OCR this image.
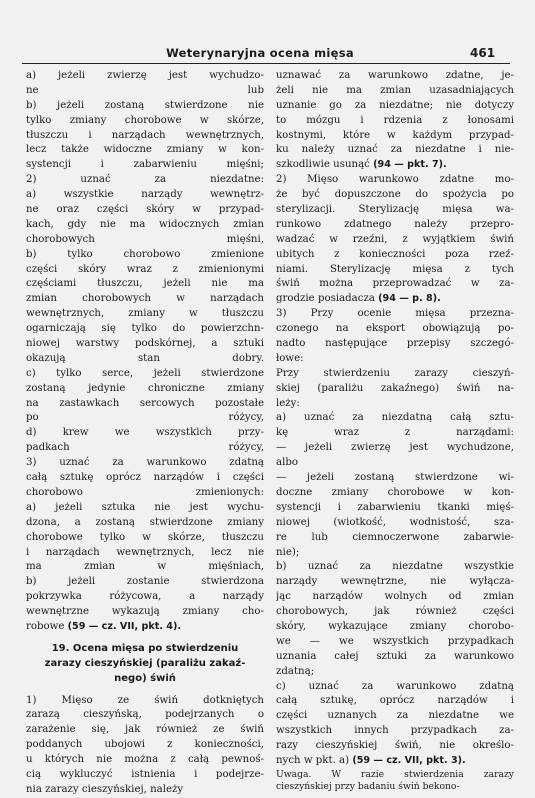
Weterynaryjna ocena mięsa	461
a) jeżeli zwierzę jest wychudzo-
ne lub
b) jeżeli zostaną stwierdzone nie
tylko zmiany chorobowe w skórze,
tłuszczu i narządach wewnętrznych,
lecz także widoczne zmiany w kon-
systencji i zabarwieniu mięśni;
2) uznać za niezdatne:
a) wszystkie narządy wewnętrz-
ne oraz części skóry w przypad-
kach, gdy nie ma widocznych zmian
chorobowych mięśni,
b) tylko chorobowo zmienione
części skóry wraz z zmienionymi
częściami tłuszczu, jeżeli nie ma
zmian chorobowych w narządach
wewnętrznych, zmiany w tłuszczu
ogarniczają się tylko do powierzchn-
niowej warstwy podskórnej, a sztuki
okazują stan dobry.
c) tylko serce, jeżeli stwierdzone
zostaną jedynie chroniczne zmiany
na zastawkach sercowych pozostałe
po różycy,
d) krew we wszystkich przy-
padkach różycy,
3) uznać za warunkowo zdatną
całą sztukę oprócz narządów i części
chorobowo zmienionych:
a) jeżeli sztuka nie jest wychu-
dzona, a zostaną stwierdzone zmiany
chorobowe tylko w skórze, tłuszczu
i narządach wewnętrznych, lecz nie
ma zmian w mięśniach,
b) jeżeli zostanie stwierdzona
pokrzywka różycowa, a narządy
wewnętrzne wykazują zmiany cho-
robowe (59 — cz. VII, pkt. 4).
19. Ocena mięsa po stwierdzeniu
zarazy cieszyńskiej (paraliżu zakaź-
nego) świń
1) Mięso ze świń dotkniętych
zarazą cieszyńską, podejrzanych o
zarażenie się, jak również ze świń
poddanych ubojowi z konieczności,
u których nie można z całą pewnoś-
cią wykluczyć istnienia i podejrze-
nia zarazy cieszyńskiej, należy
uznawać za warunkowo zdatne, je-
żeli nie ma zmian uzasadniających
uznanie go za niezdatne; nie dotyczy
to mózgu i rdzenia z łonosami
kostnymi, które w każdym przypad-
ku należy uznać za niezdatne i nie-
szkodliwie usunąć (94 — pkt. 7).
2) Mięso warunkowo zdatne mo-
że być dopuszczone do spożycia po
sterylizacji. Sterylizację mięsa wa-
runkowo zdatnego należy przepro-
wadzać w rzeźni, z wyjątkiem świń
ubitych z konieczności poza rzeź-
niami. Sterylizację mięsa z tych
świń można przeprowadzać w za-
grodzie posiadacza (94 — p. 8).
3) Przy ocenie mięsa przezna-
czonego na eksport obowiązują po-
nadto następujące przepisy szczegó-
łowe:
Przy stwierdzeniu zarazy cieszyń-
skiej (paraliżu zakaźnego) świń na-
leży:
a) uznać za niezdatną całą sztu-
kę wraz z narządami:
— jeżeli zwierzę jest wychudzone,
albo
— jeżeli zostaną stwierdzone wi-
doczne zmiany chorobowe w kon-
systencji i zabarwieniu tkanki mięś-
niowej (wiotkość, wodnistość, sza-
re lub ciemnoczerwone zabarwie-
nie);
b) uznać za niezdatne wszystkie
narządy wewnętrzne, nie wyłącza-
jąc narządów wolnych od zmian
chorobowych, jak również części
skóry, wykazujące zmiany chorobo-
we — we wszystkich przypadkach
uznania całej sztuki za warunkowo
zdatną;
c) uznać za warunkowo zdatną
całą sztukę, oprócz narządów i
części uznanych za niezdatne we
wszystkich innych przypadkach za-
razy cieszyńskiej świń, nie określo-
nych w pkt. a) (59 — cz. VII, pkt. 3).
Uwaga. W razie stwierdzenia zarazy
cieszyńskiej przy badaniu świń bekono-
